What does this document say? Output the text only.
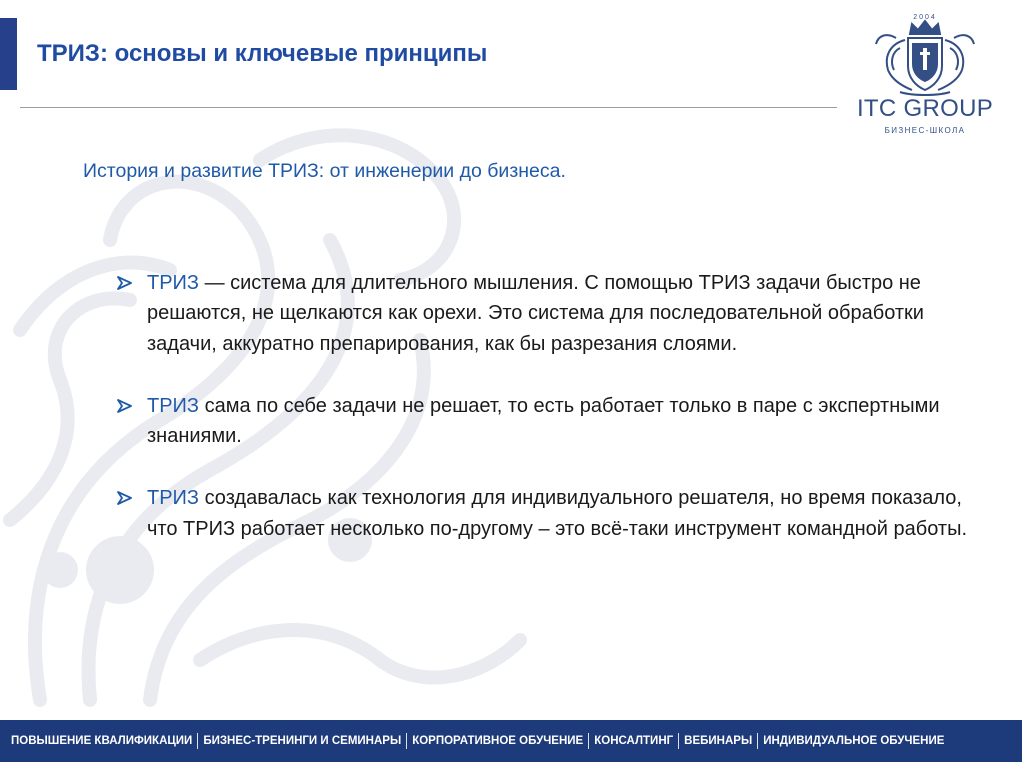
ТРИЗ: основы и ключевые принципы
2004
ITC GROUP
БИЗНЕС-ШКОЛА
История и развитие ТРИЗ: от инженерии до бизнеса.
ТРИЗ — система для длительного мышления. С помощью ТРИЗ задачи быстро не решаются, не щелкаются как орехи. Это система для последовательной обработки задачи, аккуратно препарирования, как бы разрезания слоями.
ТРИЗ сама по себе задачи не решает, то есть работает только в паре с экспертными знаниями.
ТРИЗ создавалась как технология для индивидуального решателя, но время показало, что ТРИЗ работает несколько по-другому – это всё-таки инструмент командной работы.
ПОВЫШЕНИЕ КВАЛИФИКАЦИИ БИЗНЕС-ТРЕНИНГИ И СЕМИНАРЫ КОРПОРАТИВНОЕ ОБУЧЕНИЕ КОНСАЛТИНГ ВЕБИНАРЫ ИНДИВИДУАЛЬНОЕ ОБУЧЕНИЕ
